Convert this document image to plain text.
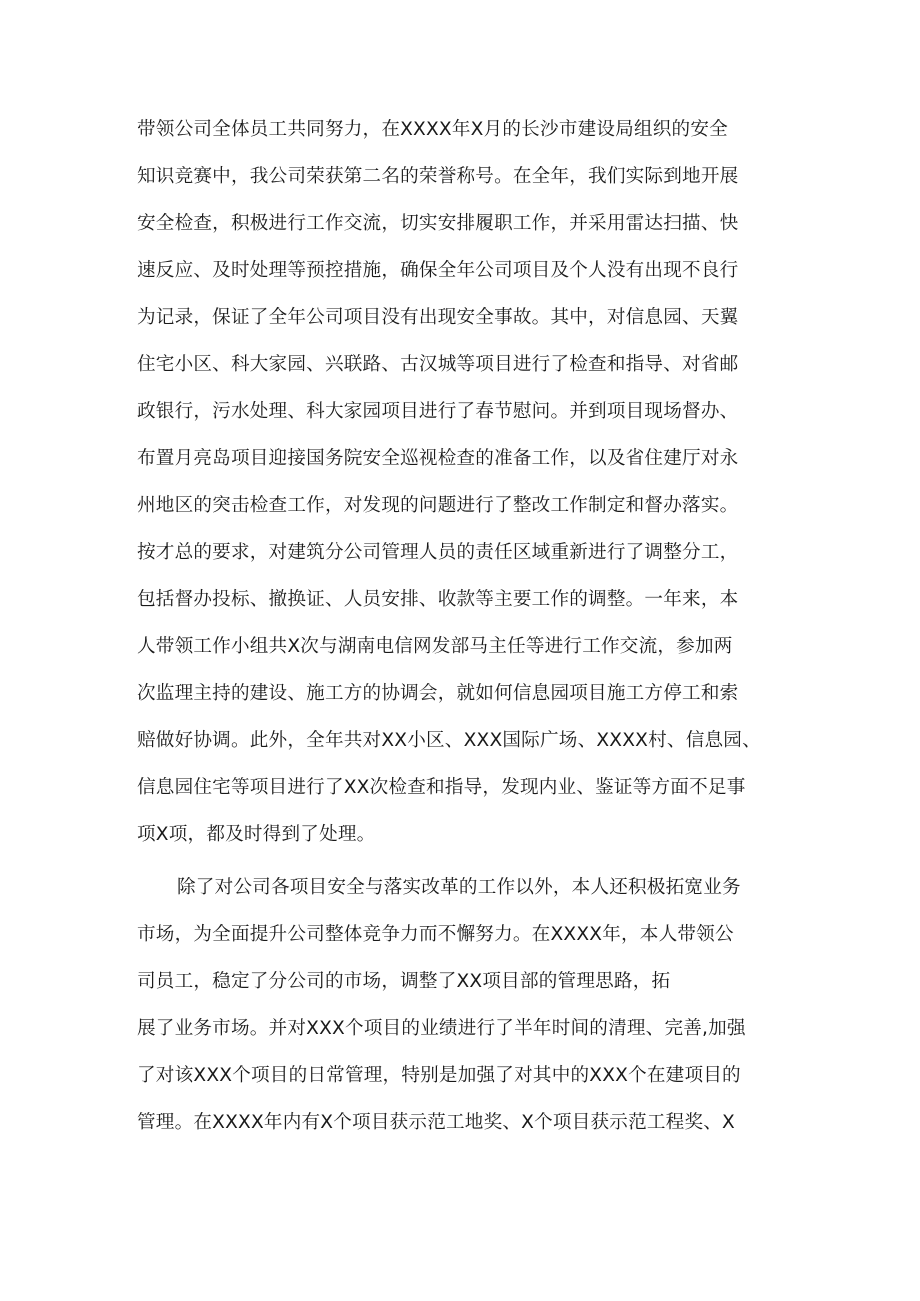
带领公司全体员工共同努力，在XXXX年X月的长沙市建设局组织的安全
知识竞赛中，我公司荣获第二名的荣誉称号。在全年，我们实际到地开展
安全检查，积极进行工作交流，切实安排履职工作，并采用雷达扫描、快
速反应、及时处理等预控措施，确保全年公司项目及个人没有出现不良行
为记录，保证了全年公司项目没有出现安全事故。其中，对信息园、天翼
住宅小区、科大家园、兴联路、古汉城等项目进行了检查和指导、对省邮
政银行，污水处理、科大家园项目进行了春节慰问。并到项目现场督办、
布置月亮岛项目迎接国务院安全巡视检查的准备工作，以及省住建厅对永
州地区的突击检查工作，对发现的问题进行了整改工作制定和督办落实。
按才总的要求，对建筑分公司管理人员的责任区域重新进行了调整分工，
包括督办投标、撤换证、人员安排、收款等主要工作的调整。一年来，本
人带领工作小组共X次与湖南电信网发部马主任等进行工作交流，参加两
次监理主持的建设、施工方的协调会，就如何信息园项目施工方停工和索
赔做好协调。此外，全年共对XX小区、XXX国际广场、XXXX村、信息园、
信息园住宅等项目进行了XX次检查和指导，发现内业、鉴证等方面不足事
项X项，都及时得到了处理。
除了对公司各项目安全与落实改革的工作以外，本人还积极拓宽业务
市场，为全面提升公司整体竞争力而不懈努力。在XXXX年，本人带领公
司员工，稳定了分公司的市场，调整了XX项目部的管理思路，拓
展了业务市场。并对XXX个项目的业绩进行了半年时间的清理、完善,加强
了对该XXX个项目的日常管理，特别是加强了对其中的XXX个在建项目的
管理。在XXXX年内有X个项目获示范工地奖、X个项目获示范工程奖、X
